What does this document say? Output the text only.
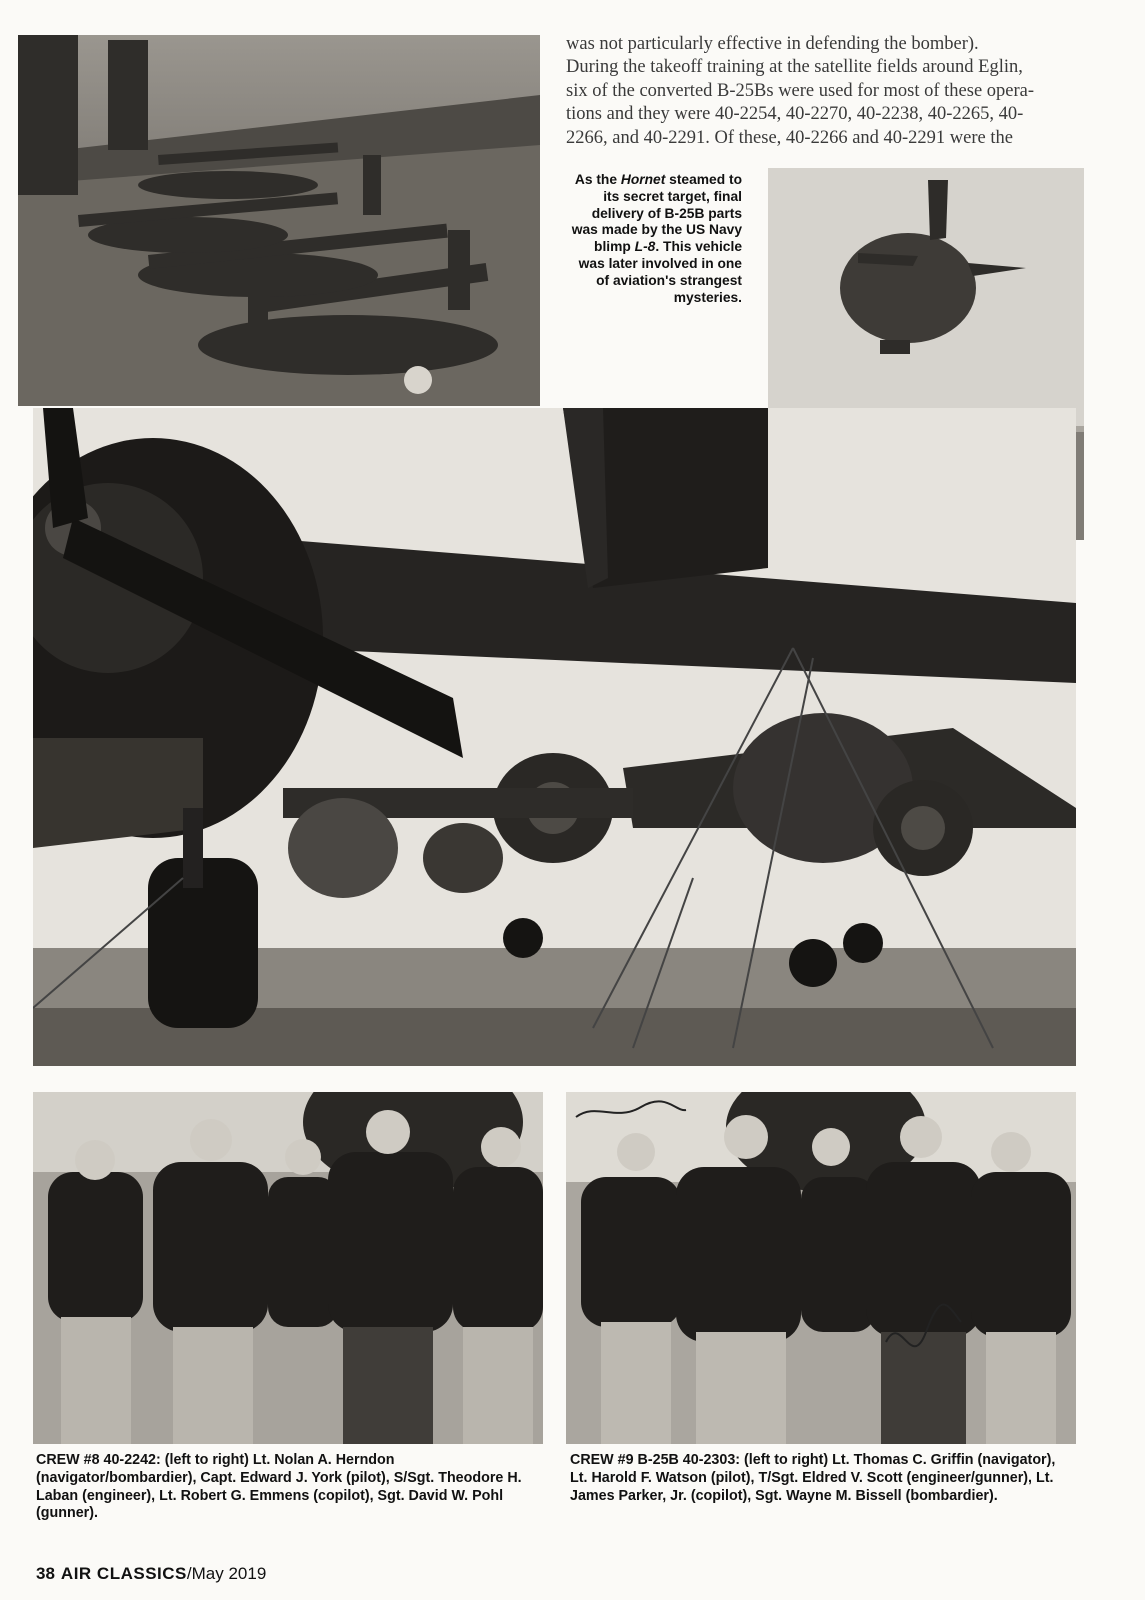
was not particularly effective in defending the bomber).

During the takeoff training at the satellite fields around Eglin,

six of the converted B-25Bs were used for most of these opera-

tions and they were 40-2254, 40-2270, 40-2238, 40-2265, 40-

2266, and 40-2291. Of these, 40-2266 and 40-2291 were the

As the Hornet steamed to its secret target, final delivery of B-25B parts was made by the US Navy blimp L-8. This vehicle was later involved in one of aviation's strangest mysteries.
CREW #8 40-2242: (left to right) Lt. Nolan A. Herndon (navigator/bombardier), Capt. Edward J. York (pilot), S/Sgt. Theodore H. Laban (engineer), Lt. Robert G. Emmens (copilot), Sgt. David W. Pohl (gunner).
CREW #9 B-25B 40-2303: (left to right) Lt. Thomas C. Griffin (navigator), Lt. Harold F. Watson (pilot), T/Sgt. Eldred V. Scott (engineer/gunner), Lt. James Parker, Jr. (copilot), Sgt. Wayne M. Bissell (bombardier).
38 AIR CLASSICS/May 2019
